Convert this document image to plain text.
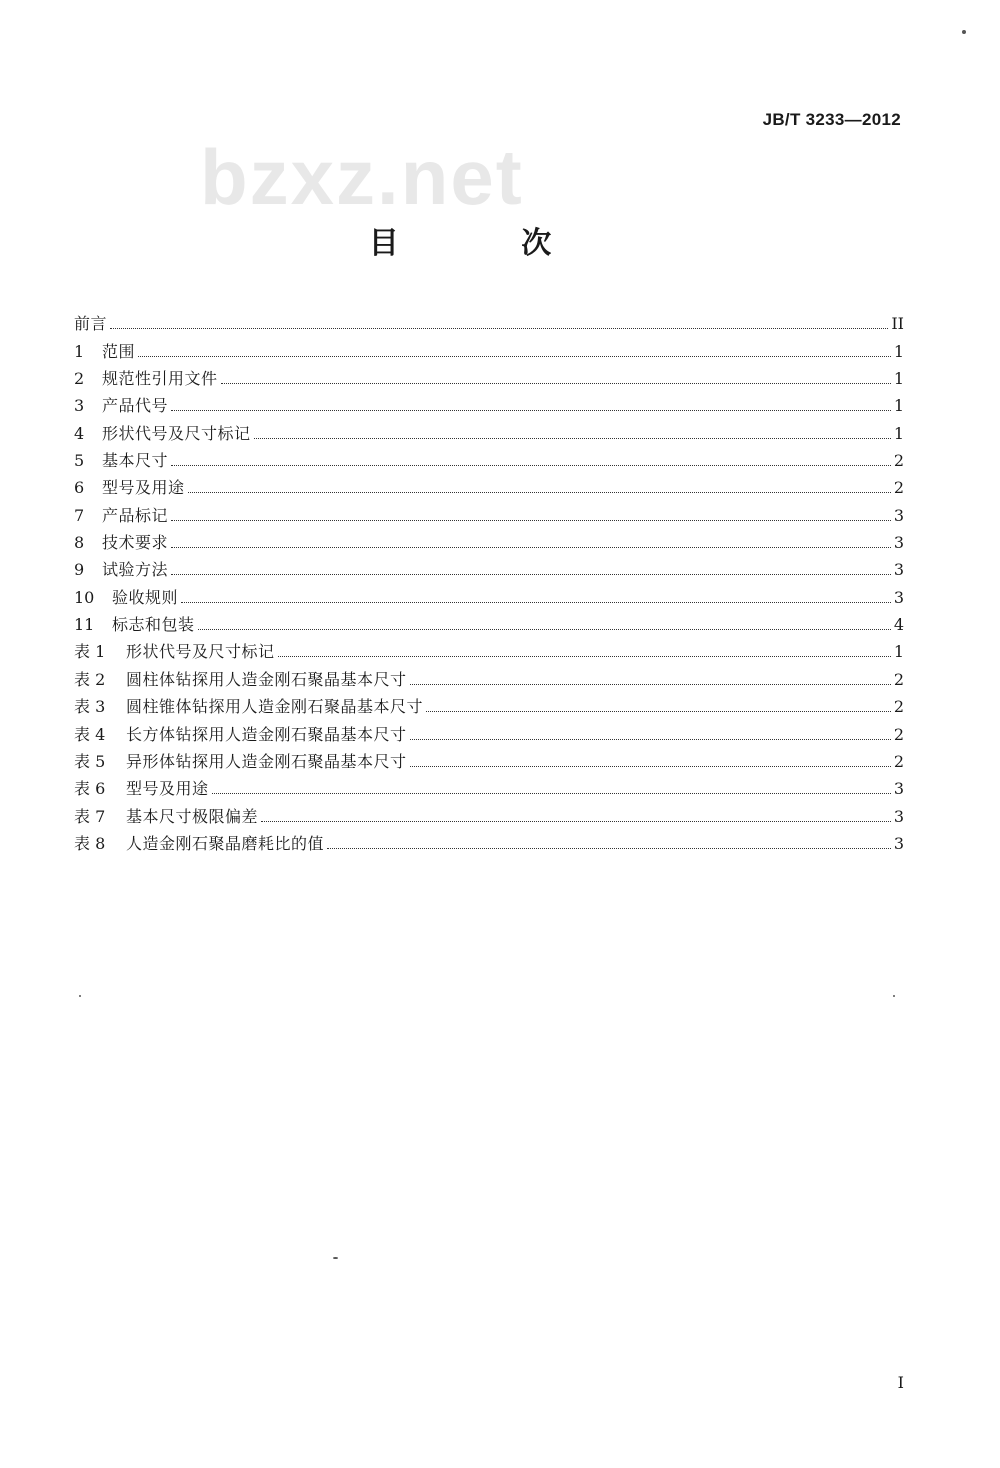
bzxz.net
JB/T 3233—2012
目 次
前言	II
1	范围	1
2	规范性引用文件	1
3	产品代号	1
4	形状代号及尺寸标记	1
5	基本尺寸	2
6	型号及用途	2
7	产品标记	3
8	技术要求	3
9	试验方法	3
10	验收规则	3
11	标志和包装	4
表 1	形状代号及尺寸标记	1
表 2	圆柱体钻探用人造金刚石聚晶基本尺寸	2
表 3	圆柱锥体钻探用人造金刚石聚晶基本尺寸	2
表 4	长方体钻探用人造金刚石聚晶基本尺寸	2
表 5	异形体钻探用人造金刚石聚晶基本尺寸	2
表 6	型号及用途	3
表 7	基本尺寸极限偏差	3
表 8	人造金刚石聚晶磨耗比的值	3
I
